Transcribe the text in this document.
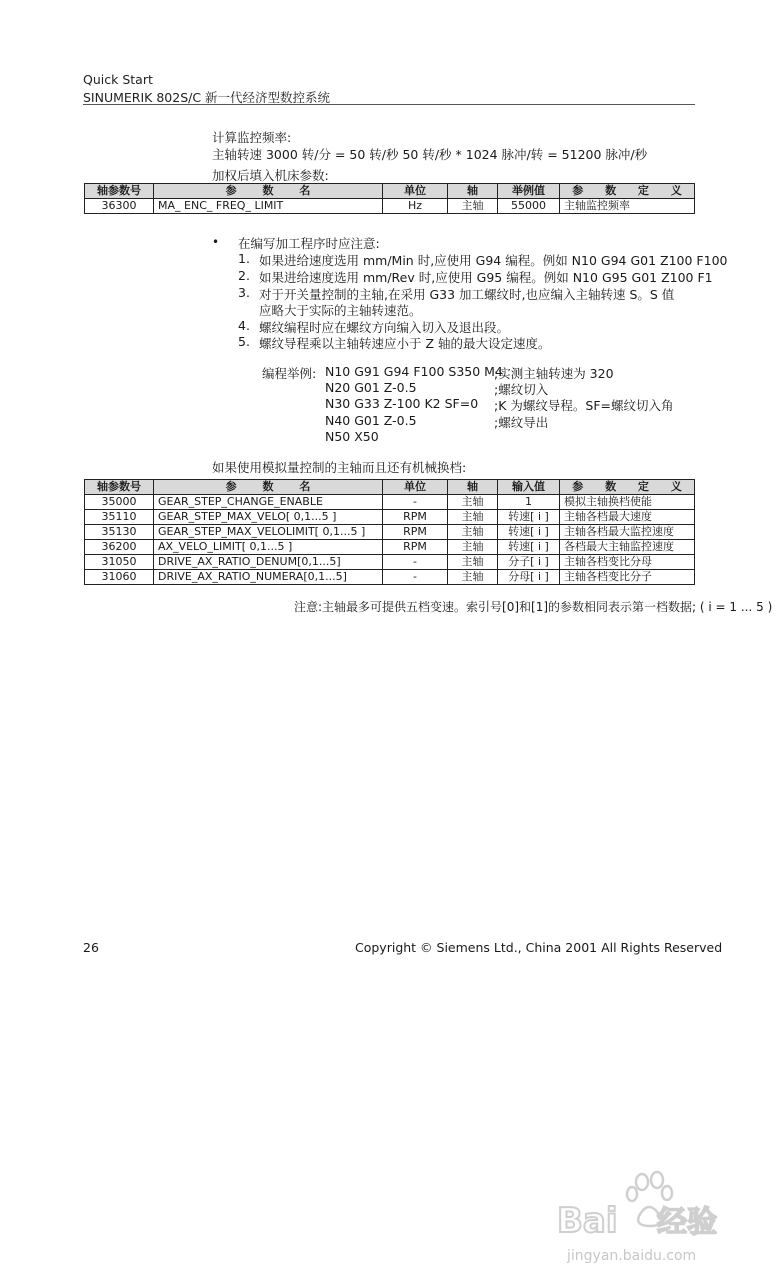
Quick Start
SINUMERIK 802S/C 新一代经济型数控系统
计算监控频率:
主轴转速 3000 转/分 = 50 转/秒 50 转/秒 * 1024 脉冲/转 = 51200 脉冲/秒
加权后填入机床参数:
轴参数号	参 数 名	单位	轴	举例值	参 数 定 义
36300	MA_ ENC_ FREQ_ LIMIT	Hz	主轴	55000	主轴监控频率
• 在编写加工程序时应注意:
1. 如果进给速度选用 mm/Min 时,应使用 G94 编程。例如 N10 G94 G01 Z100 F100
2. 如果进给速度选用 mm/Rev 时,应使用 G95 编程。例如 N10 G95 G01 Z100 F1
3. 对于开关量控制的主轴,在采用 G33 加工螺纹时,也应编入主轴转速 S。S 值
应略大于实际的主轴转速范。
4. 螺纹编程时应在螺纹方向编入切入及退出段。
5. 螺纹导程乘以主轴转速应小于 Z 轴的最大设定速度。
编程举例: N10 G91 G94 F100 S350 M4
;实测主轴转速为 320
N20 G01 Z-0.5	;螺纹切入
N30 G33 Z-100 K2 SF=0 ;K 为螺纹导程。SF=螺纹切入角
N40 G01 Z-0.5	;螺纹导出
N50 X50
如果使用模拟量控制的主轴而且还有机械换档:
轴参数号	参 数 名	单位	轴	输入值	参 数 定 义
35000	GEAR_STEP_CHANGE_ENABLE	-	主轴	1	模拟主轴换档使能
35110	GEAR_STEP_MAX_VELO[ 0,1...5 ]	RPM	主轴	转速[ i ]	主轴各档最大速度
35130	GEAR_STEP_MAX_VELOLIMIT[ 0,1...5 ]	RPM	主轴	转速[ i ]	主轴各档最大监控速度
36200	AX_VELO_LIMIT[ 0,1...5 ]	RPM	主轴	转速[ i ]	各档最大主轴监控速度
31050	DRIVE_AX_RATIO_DENUM[0,1...5]	-	主轴	分子[ i ]	主轴各档变比分母
31060	DRIVE_AX_RATIO_NUMERA[0,1...5]	-	主轴	分母[ i ]	主轴各档变比分子
注意:主轴最多可提供五档变速。索引号[0]和[1]的参数相同表示第一档数据; ( i = 1 ... 5 )
26	Copyright © Siemens Ltd., China 2001 All Rights Reserved
Bai 经验
jingyan.baidu.com
